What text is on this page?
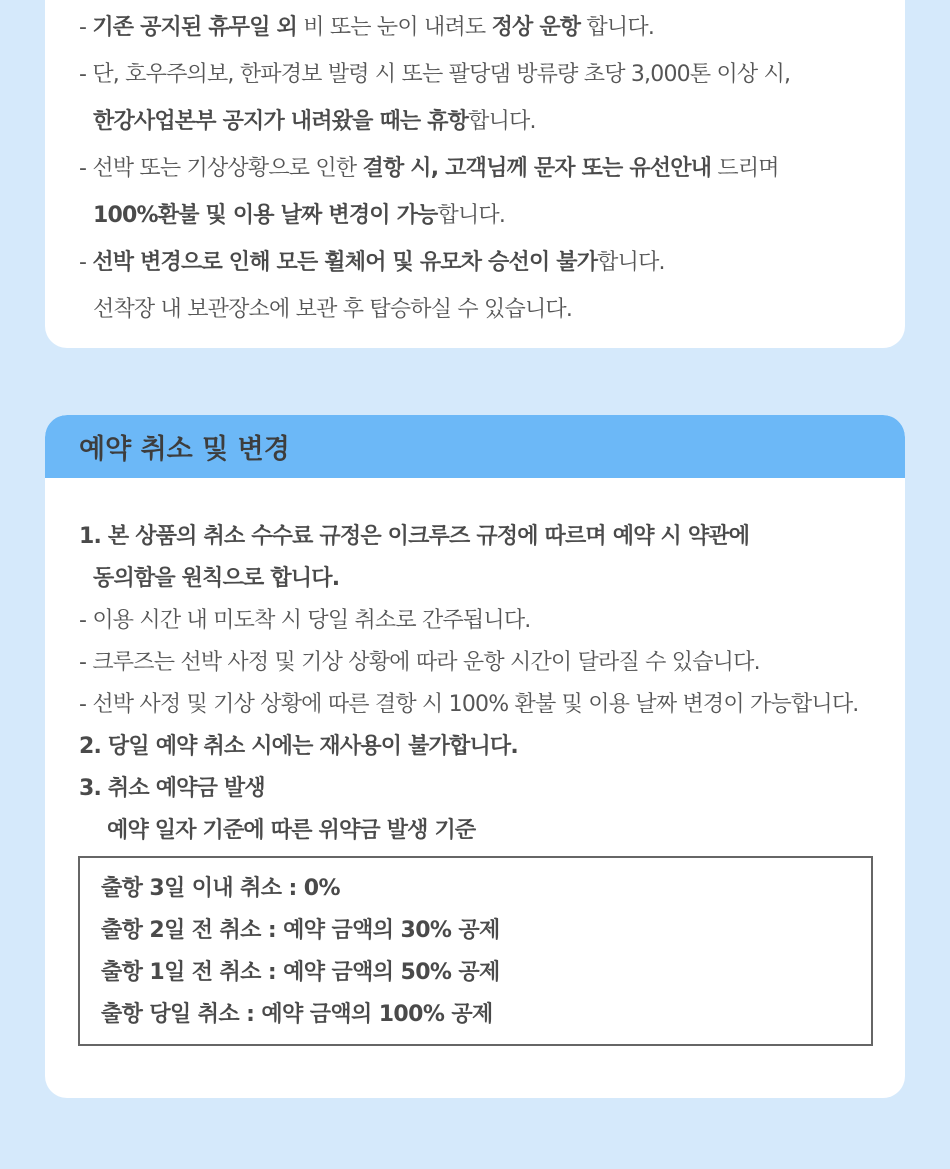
- 기존 공지된 휴무일 외 비 또는 눈이 내려도 정상 운항 합니다.
- 단, 호우주의보, 한파경보 발령 시 또는 팔당댐 방류량 초당 3,000톤 이상 시,
한강사업본부 공지가 내려왔을 때는 휴항합니다.
- 선박 또는 기상상황으로 인한 결항 시, 고객님께 문자 또는 유선안내 드리며
100%환불 및 이용 날짜 변경이 가능합니다.
- 선박 변경으로 인해 모든 휠체어 및 유모차 승선이 불가합니다.
선착장 내 보관장소에 보관 후 탑승하실 수 있습니다.
예약 취소 및 변경
1. 본 상품의 취소 수수료 규정은 이크루즈 규정에 따르며 예약 시 약관에
동의함을 원칙으로 합니다.
- 이용 시간 내 미도착 시 당일 취소로 간주됩니다.
- 크루즈는 선박 사정 및 기상 상황에 따라 운항 시간이 달라질 수 있습니다.
- 선박 사정 및 기상 상황에 따른 결항 시 100% 환불 및 이용 날짜 변경이 가능합니다.
2. 당일 예약 취소 시에는 재사용이 불가합니다.
3. 취소 예약금 발생
예약 일자 기준에 따른 위약금 발생 기준
출항 3일 이내 취소 : 0%
출항 2일 전 취소 : 예약 금액의 30% 공제
출항 1일 전 취소 : 예약 금액의 50% 공제
출항 당일 취소 : 예약 금액의 100% 공제
